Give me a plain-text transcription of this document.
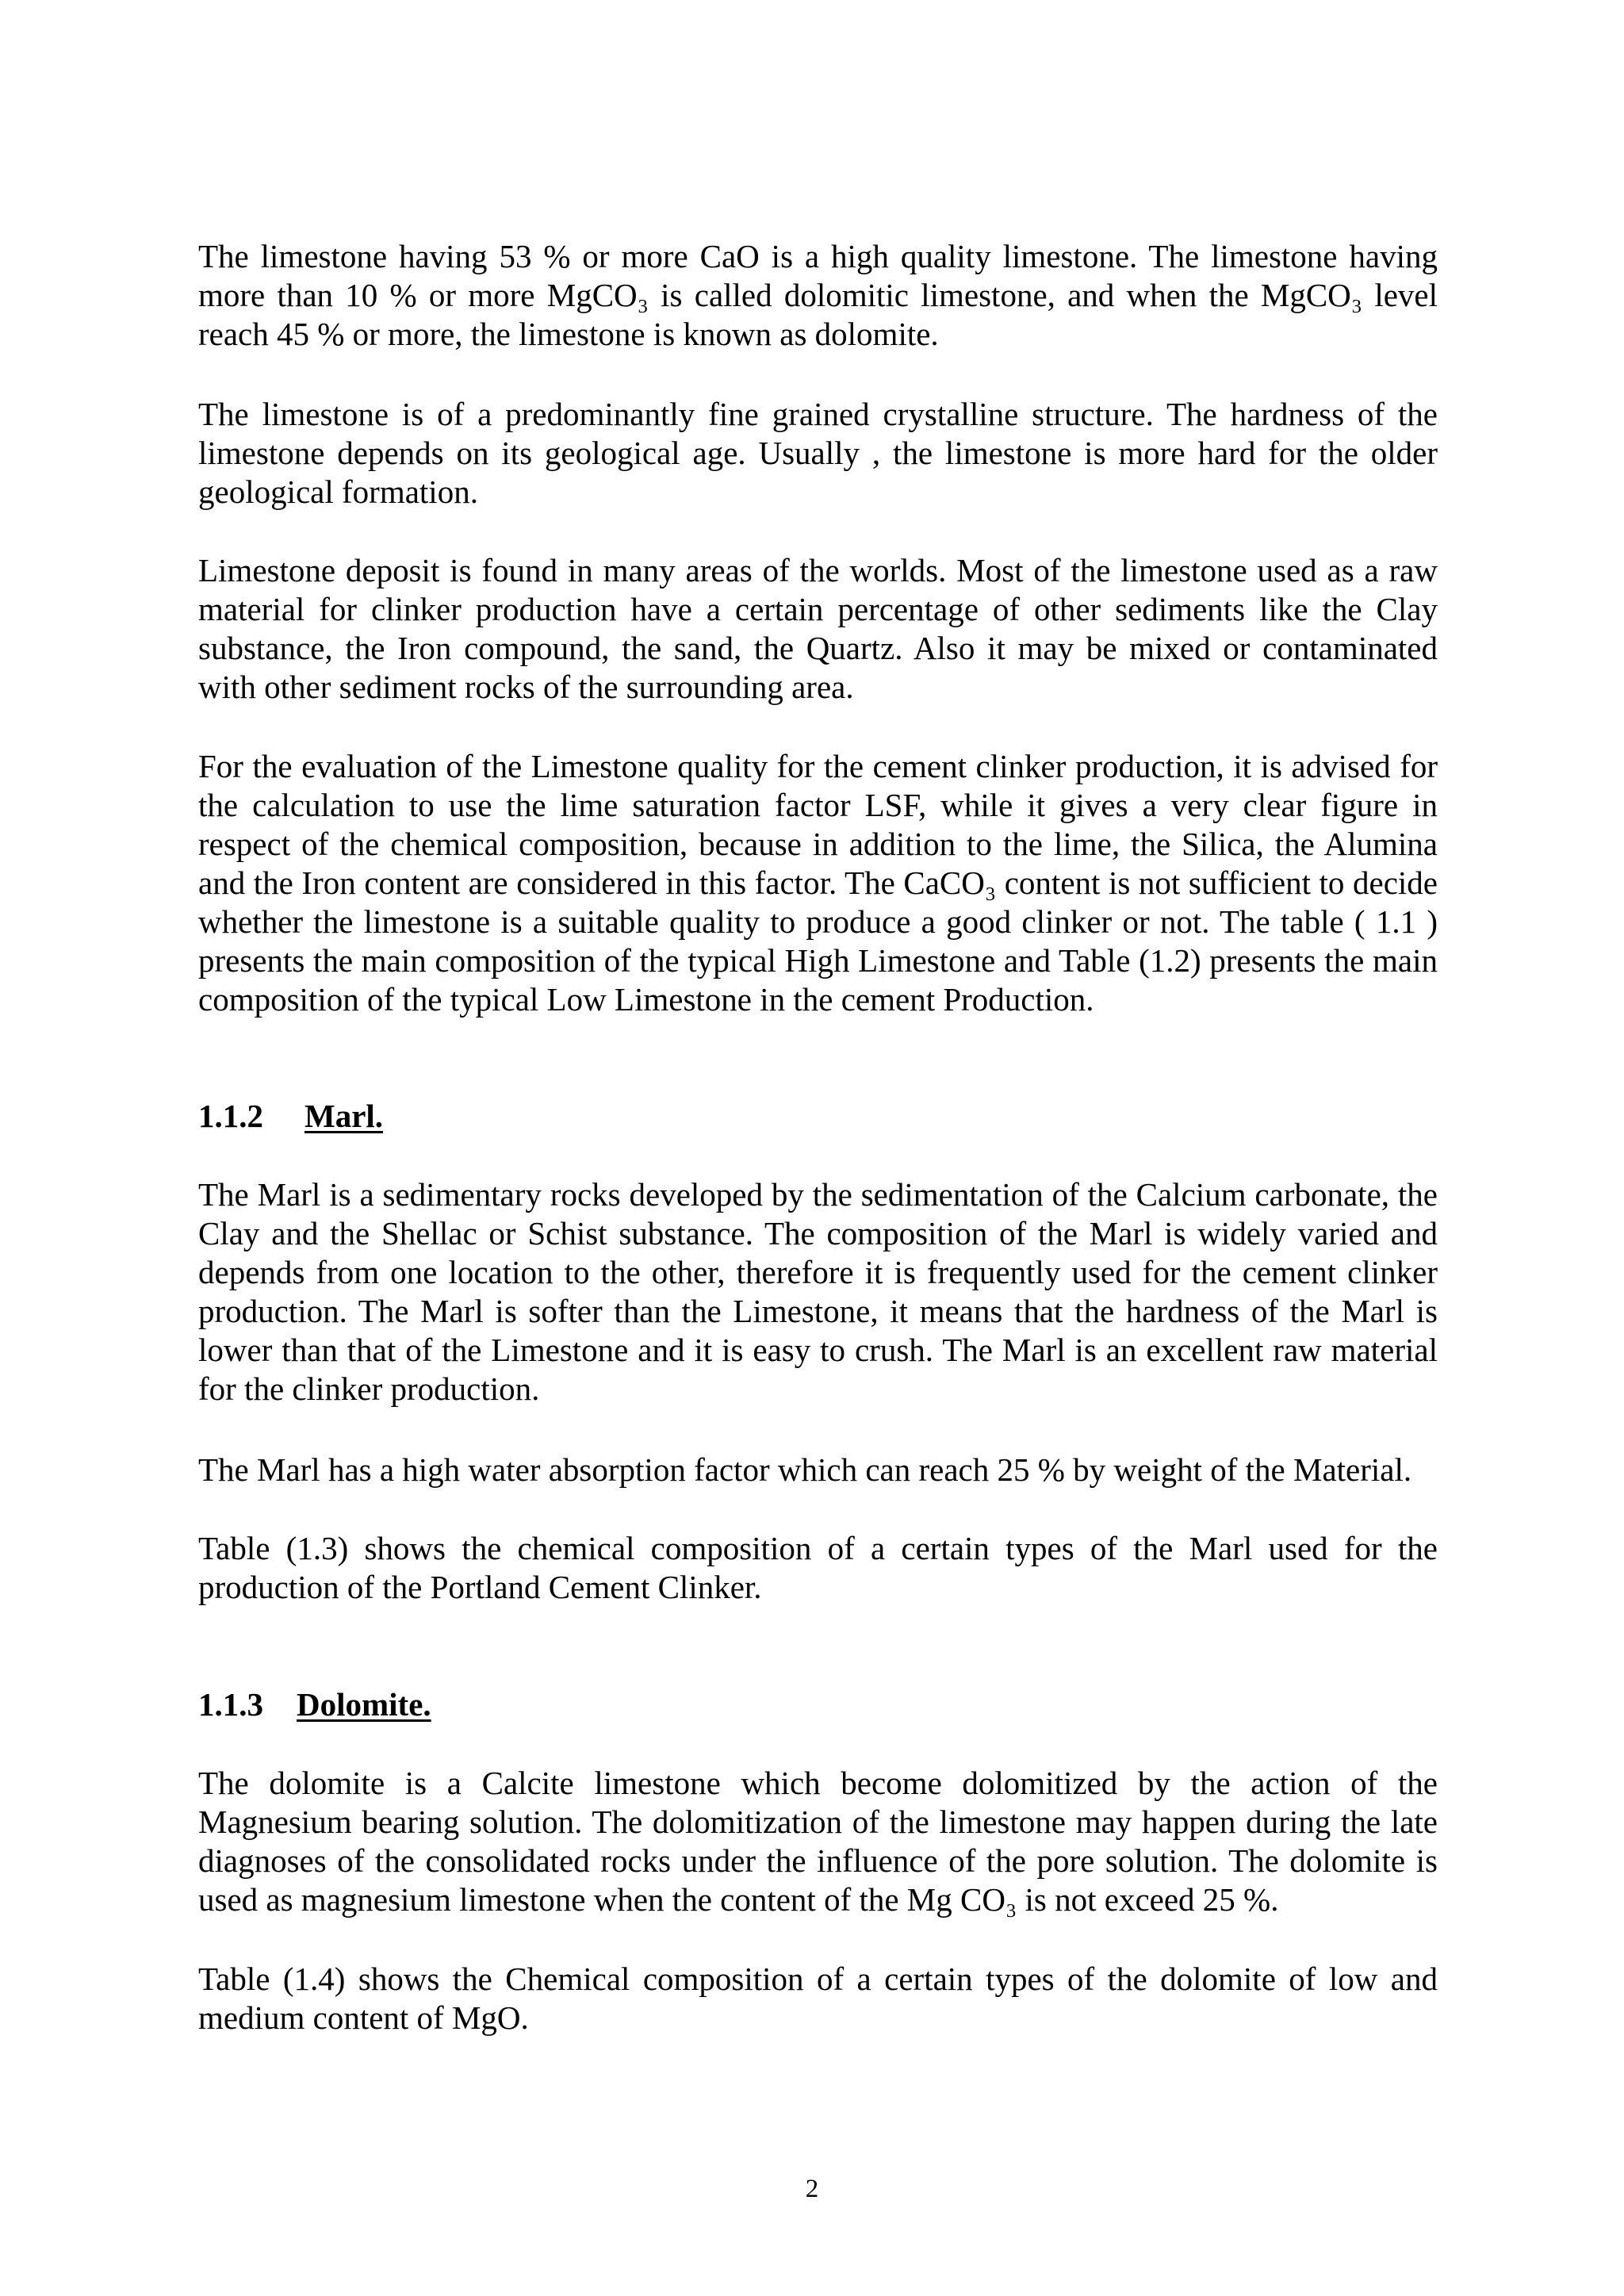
The limestone having 53 % or more CaO is a high quality limestone. The limestone having more than 10 % or more MgCO₃ is called dolomitic limestone, and when the MgCO₃ level reach 45 % or more, the limestone is known as dolomite.

The limestone is of a predominantly fine grained crystalline structure. The hardness of the limestone depends on its geological age. Usually , the limestone is more hard for the older geological formation.

Limestone deposit is found in many areas of the worlds. Most of the limestone used as a raw material for clinker production have a certain percentage of other sediments like the Clay substance, the Iron compound, the sand, the Quartz. Also it may be mixed or contaminated with other sediment rocks of the surrounding area.

For the evaluation of the Limestone quality for the cement clinker production, it is advised for the calculation to use the lime saturation factor LSF, while it gives a very clear figure in respect of the chemical composition, because in addition to the lime, the Silica, the Alumina and the Iron content are considered in this factor. The CaCO₃ content is not sufficient to decide whether the limestone is a suitable quality to produce a good clinker or not. The table ( 1.1 ) presents the main composition of the typical High Limestone and Table (1.2) presents the main composition of the typical Low Limestone in the cement Production.

1.1.2 Marl.

The Marl is a sedimentary rocks developed by the sedimentation of the Calcium carbonate, the Clay and the Shellac or Schist substance. The composition of the Marl is widely varied and depends from one location to the other, therefore it is frequently used for the cement clinker production. The Marl is softer than the Limestone, it means that the hardness of the Marl is lower than that of the Limestone and it is easy to crush. The Marl is an excellent raw material for the clinker production.

The Marl has a high water absorption factor which can reach 25 % by weight of the Material.

Table (1.3) shows the chemical composition of a certain types of the Marl used for the production of the Portland Cement Clinker.

1.1.3 Dolomite.

The dolomite is a Calcite limestone which become dolomitized by the action of the Magnesium bearing solution. The dolomitization of the limestone may happen during the late diagnoses of the consolidated rocks under the influence of the pore solution. The dolomite is used as magnesium limestone when the content of the Mg CO₃ is not exceed 25 %.

Table (1.4) shows the Chemical composition of a certain types of the dolomite of low and medium content of MgO.

2
